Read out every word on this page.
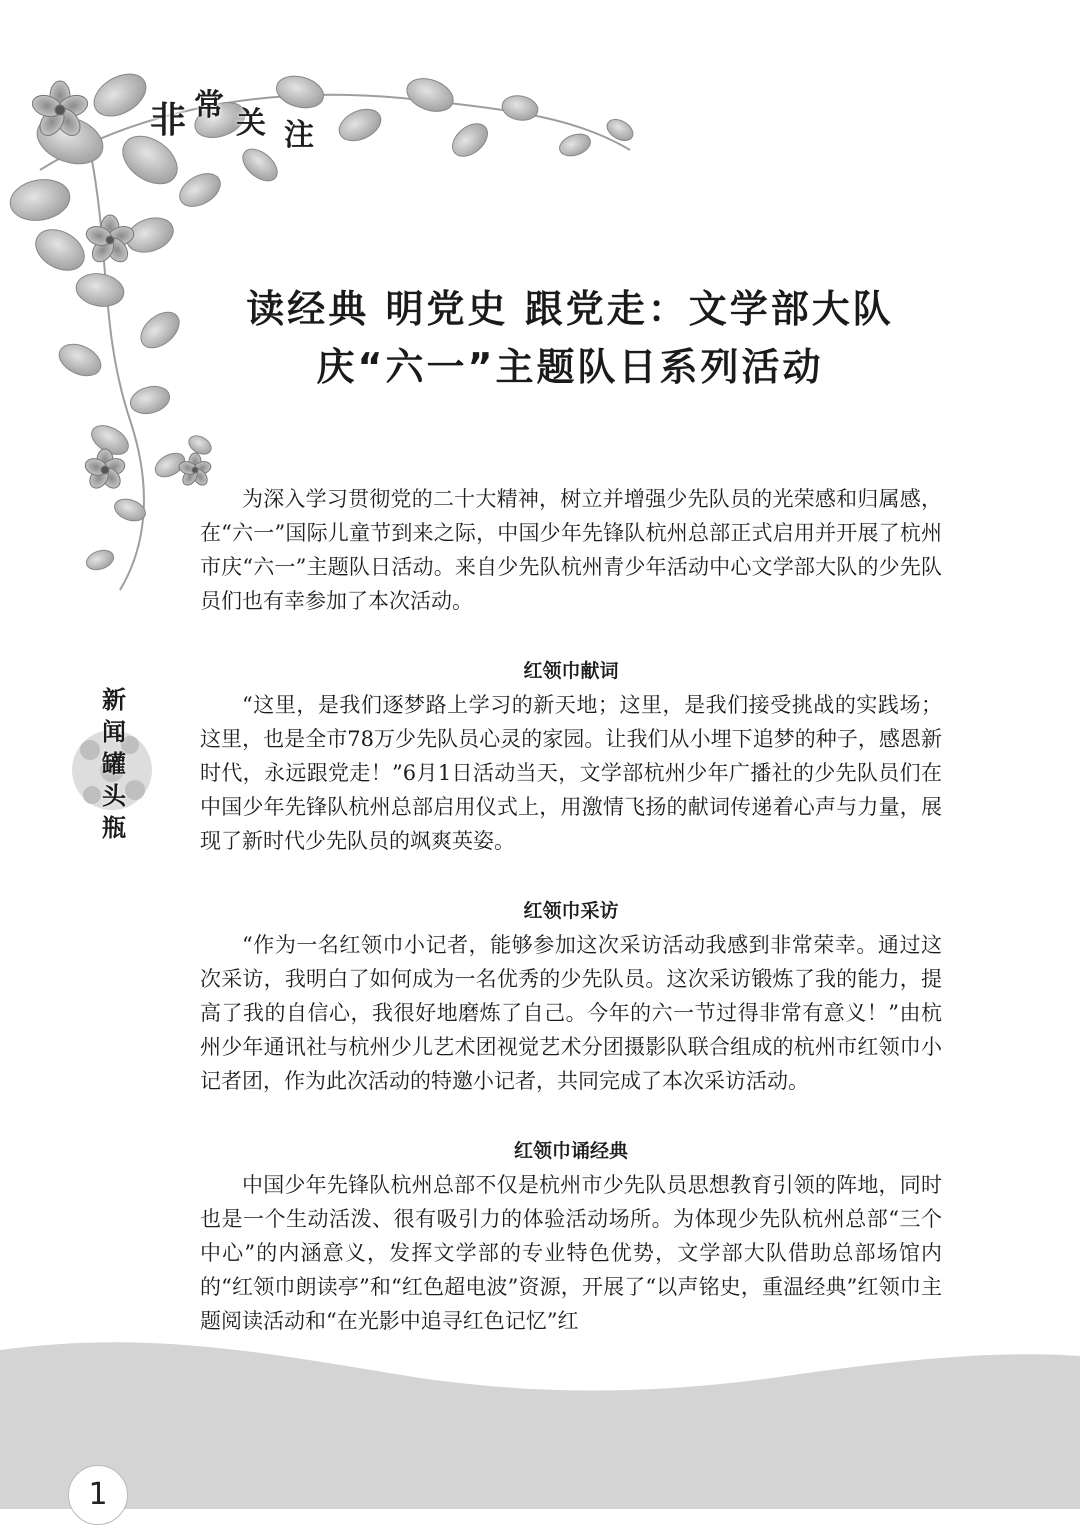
非 常
关 注
读经典 明党史 跟党走：文学部大队
庆“六一”主题队日系列活动
新
闻
罐
头
瓶

为深入学习贯彻党的二十大精神，树立并增强少先队员的光荣感和归属感，在“六一”国际儿童节到来之际，中国少年先锋队杭州总部正式启用并开展了杭州市庆“六一”主题队日活动。来自少先队杭州青少年活动中心文学部大队的少先队员们也有幸参加了本次活动。

红领巾献词

“这里，是我们逐梦路上学习的新天地；这里，是我们接受挑战的实践场；这里，也是全市78万少先队员心灵的家园。让我们从小埋下追梦的种子，感恩新时代，永远跟党走！”6月1日活动当天，文学部杭州少年广播社的少先队员们在中国少年先锋队杭州总部启用仪式上，用激情飞扬的献词传递着心声与力量，展现了新时代少先队员的飒爽英姿。

红领巾采访

“作为一名红领巾小记者，能够参加这次采访活动我感到非常荣幸。通过这次采访，我明白了如何成为一名优秀的少先队员。这次采访锻炼了我的能力，提高了我的自信心，我很好地磨炼了自己。今年的六一节过得非常有意义！”由杭州少年通讯社与杭州少儿艺术团视觉艺术分团摄影队联合组成的杭州市红领巾小记者团，作为此次活动的特邀小记者，共同完成了本次采访活动。

红领巾诵经典

中国少年先锋队杭州总部不仅是杭州市少先队员思想教育引领的阵地，同时也是一个生动活泼、很有吸引力的体验活动场所。为体现少先队杭州总部“三个中心”的内涵意义，发挥文学部的专业特色优势，文学部大队借助总部场馆内的“红领巾朗读亭”和“红色超电波”资源，开展了“以声铭史，重温经典”红领巾主题阅读活动和“在光影中追寻红色记忆”红

1
